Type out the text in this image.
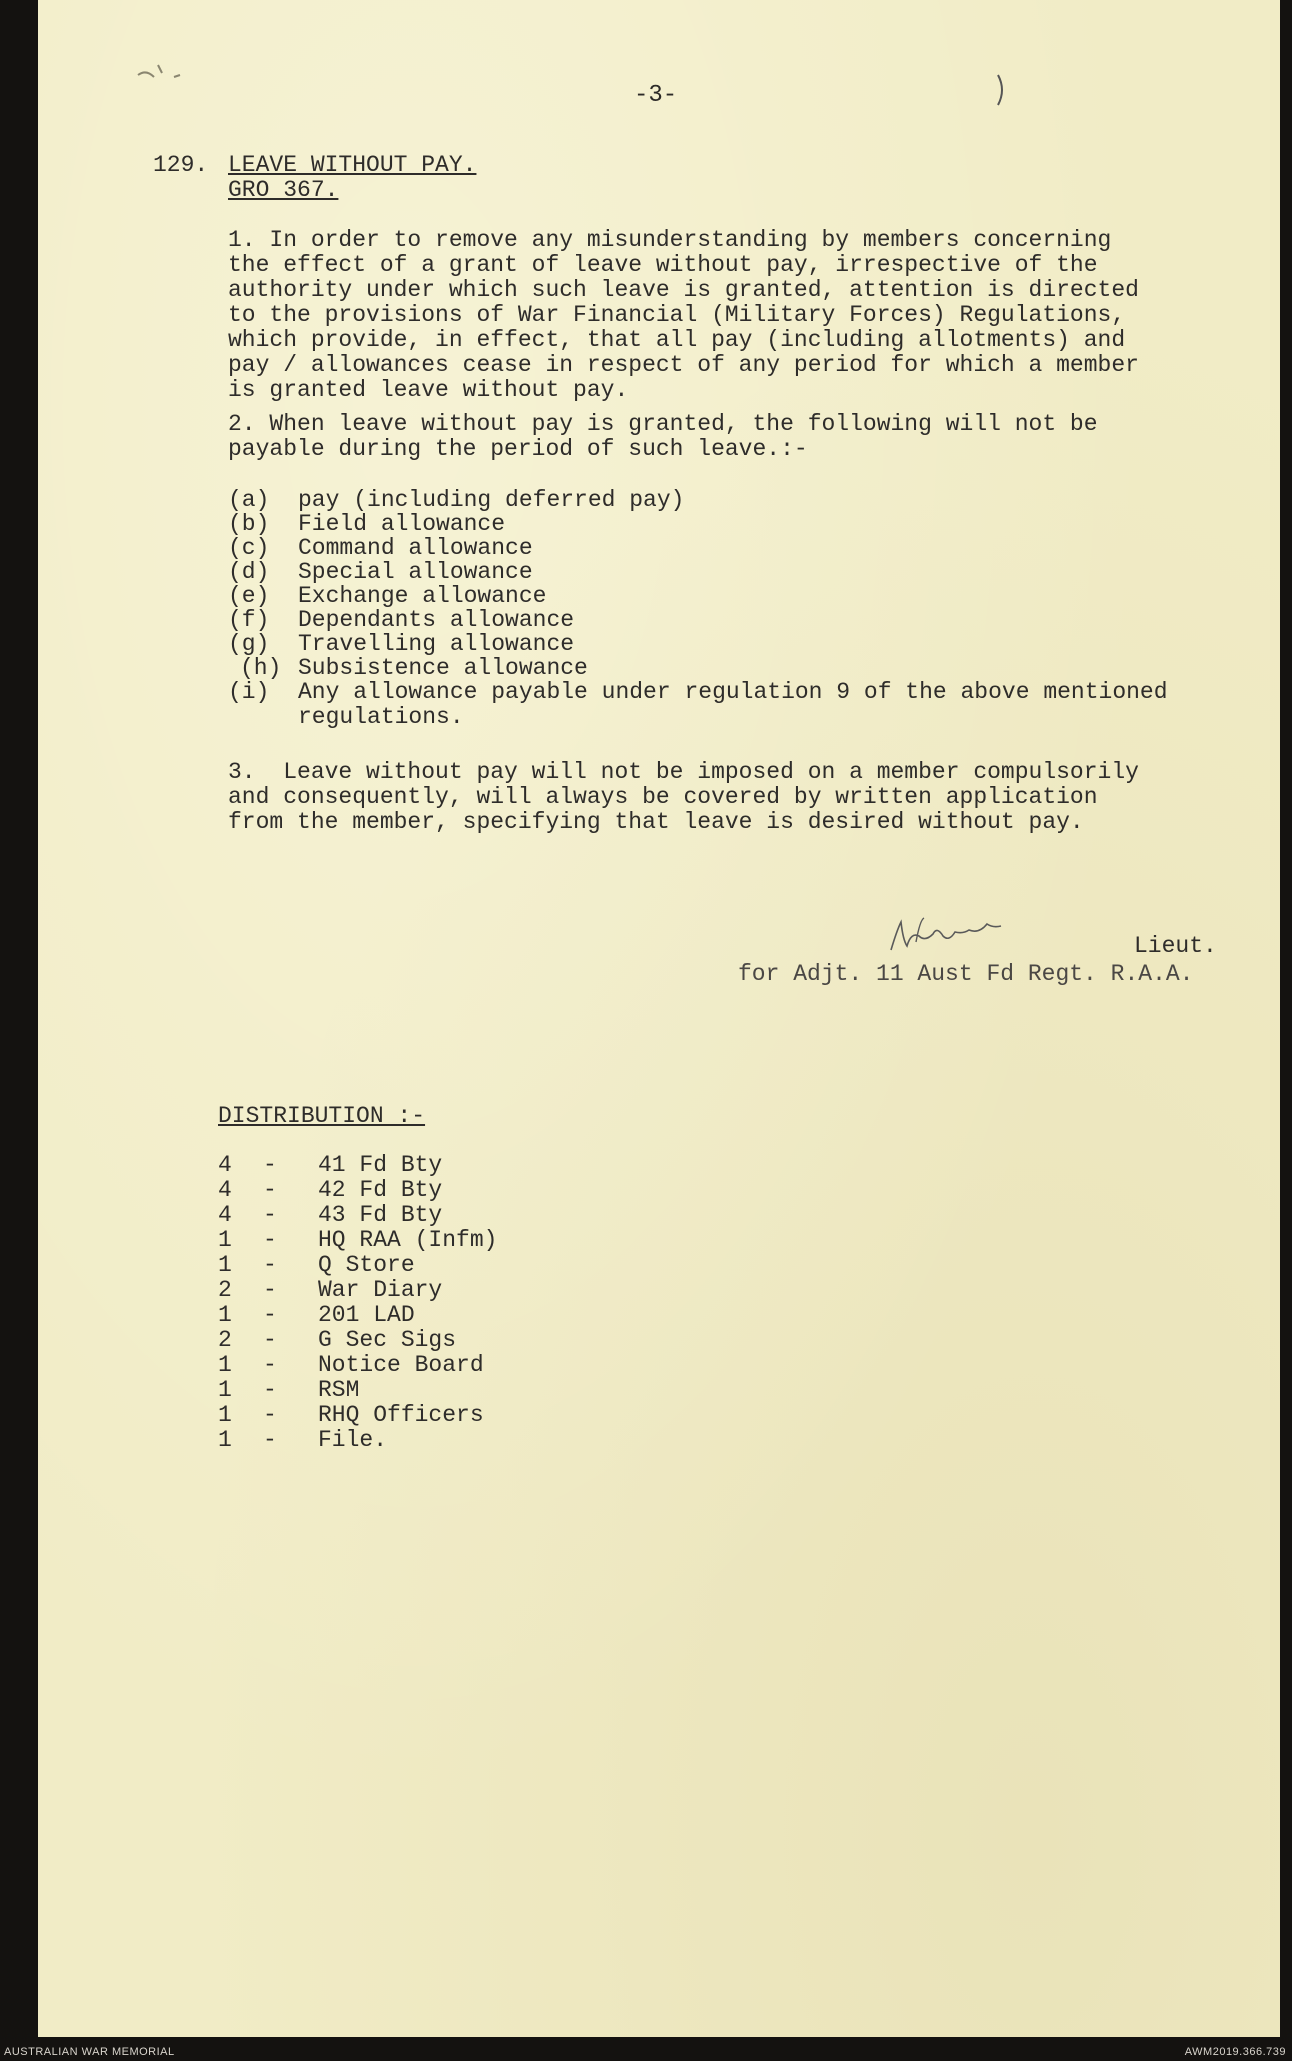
-3-
129. LEAVE WITHOUT PAY.
GRO 367.
1. In order to remove any misunderstanding by members concerning
the effect of a grant of leave without pay, irrespective of the
authority under which such leave is granted, attention is directed
to the provisions of War Financial (Military Forces) Regulations,
which provide, in effect, that all pay (including allotments) and
pay / allowances cease in respect of any period for which a member
is granted leave without pay.
2. When leave without pay is granted, the following will not be
payable during the period of such leave.:-
(a)	pay (including deferred pay)
(b)	Field allowance
(c)	Command allowance
(d)	Special allowance
(e)	Exchange allowance
(f)	Dependants allowance
(g)	Travelling allowance
(h) Subsistence allowance
(i)	Any allowance payable under regulation 9 of the above mentioned
regulations.
3.  Leave without pay will not be imposed on a member compulsorily
and consequently, will always be covered by written application
from the member, specifying that leave is desired without pay.
Lieut.
for Adjt. 11 Aust Fd Regt. R.A.A.
DISTRIBUTION :-
4	-	41 Fd Bty
4	-	42 Fd Bty
4	-	43 Fd Bty
1	-	HQ RAA (Infm)
1	-	Q Store
2	-	War Diary
1	-	201 LAD
2	-	G Sec Sigs
1	-	Notice Board
1	-	RSM
1	-	RHQ Officers
1	-	File.
AUSTRALIAN WAR MEMORIAL	AWM2019.366.739
